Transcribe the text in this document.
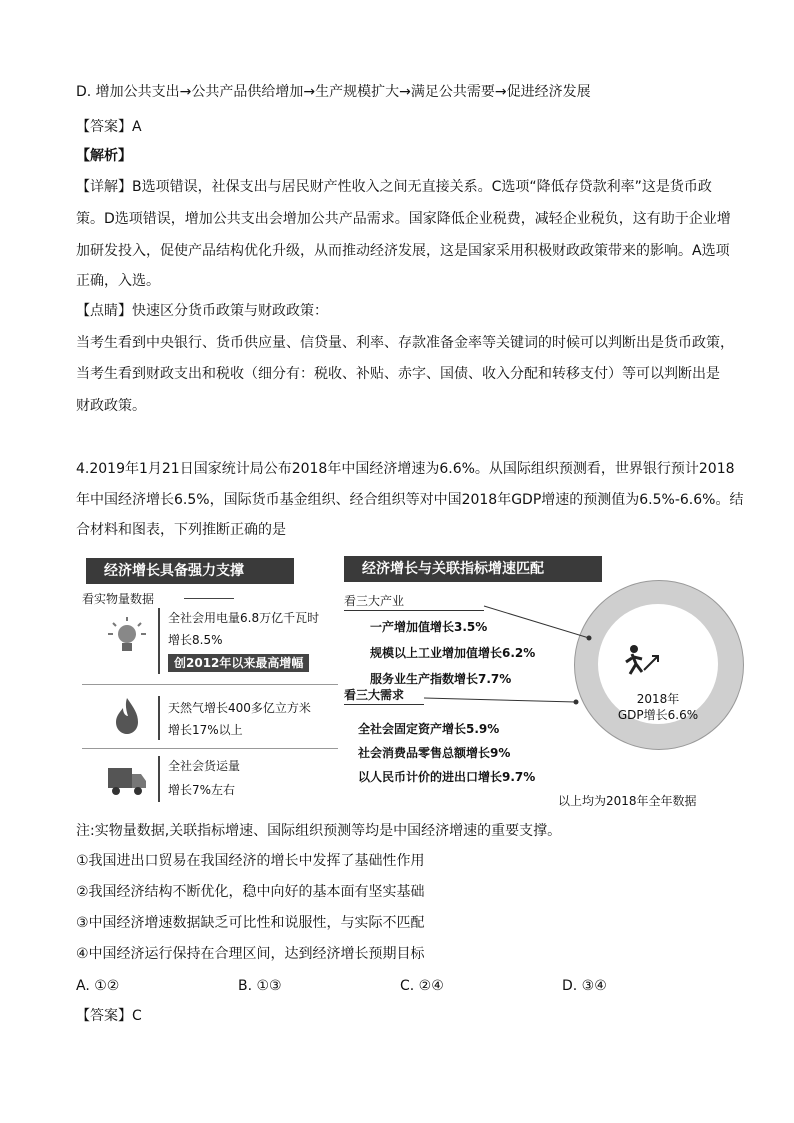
D. 增加公共支出→公共产品供给增加→生产规模扩大→满足公共需要→促进经济发展
【答案】A
【解析】
【详解】B选项错误，社保支出与居民财产性收入之间无直接关系。C选项“降低存贷款利率”这是货币政
策。D选项错误，增加公共支出会增加公共产品需求。国家降低企业税费，减轻企业税负，这有助于企业增
加研发投入，促使产品结构优化升级，从而推动经济发展，这是国家采用积极财政政策带来的影响。A选项
正确，入选。
【点睛】快速区分货币政策与财政政策：
当考生看到中央银行、货币供应量、信贷量、利率、存款准备金率等关键词的时候可以判断出是货币政策，
当考生看到财政支出和税收（细分有：税收、补贴、赤字、国债、收入分配和转移支付）等可以判断出是
财政政策。
4.2019年1月21日国家统计局公布2018年中国经济增速为6.6%。从国际组织预测看，世界银行预计2018
年中国经济增长6.5%，国际货币基金组织、经合组织等对中国2018年GDP增速的预测值为6.5%-6.6%。结
合材料和图表，下列推断正确的是
经济增长具备强力支撑
看实物量数据
全社会用电量6.8万亿千瓦时
增长8.5%
创2012年以来最高增幅
天然气增长400多亿立方米
增长17%以上
全社会货运量
增长7%左右
经济增长与关联指标增速匹配
看三大产业
一产增加值增长3.5%
规模以上工业增加值增长6.2%
服务业生产指数增长7.7%
看三大需求
全社会固定资产增长5.9%
社会消费品零售总额增长9%
以人民币计价的进出口增长9.7%
2018年
GDP增长6.6%
以上均为2018年全年数据
注:实物量数据,关联指标增速、国际组织预测等均是中国经济增速的重要支撑。
①我国进出口贸易在我国经济的增长中发挥了基础性作用
②我国经济结构不断优化，稳中向好的基本面有坚实基础
③中国经济增速数据缺乏可比性和说服性，与实际不匹配
④中国经济运行保持在合理区间，达到经济增长预期目标
A. ①②	B. ①③	C. ②④	D. ③④
【答案】C
